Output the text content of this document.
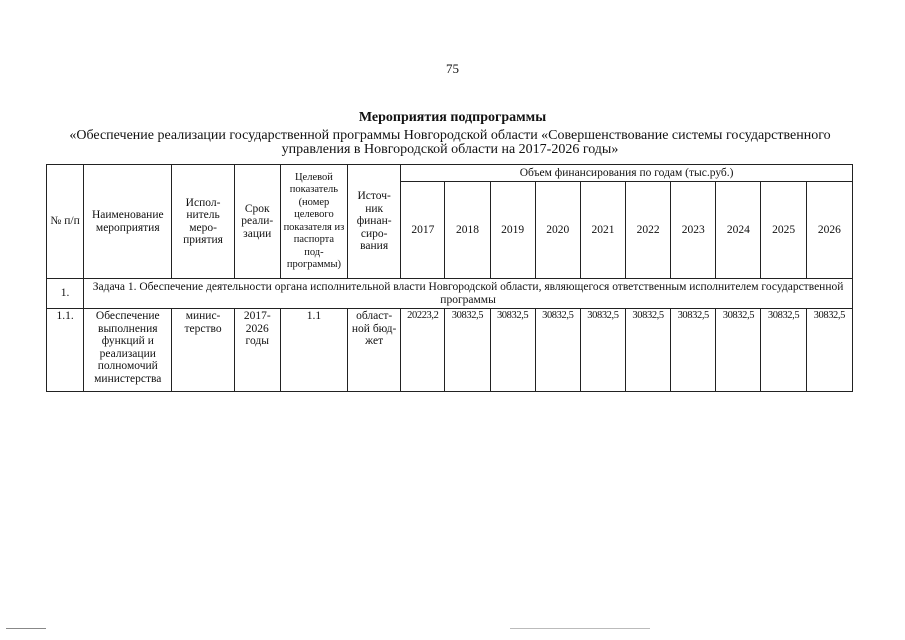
75
Мероприятия подпрограммы
«Обеспечение реализации государственной программы Новгородской области «Совершенствование системы государственного управления в Новгородской области на 2017-2026 годы»
№ п/п	Наименование мероприятия	Испол-нитель меро-приятия	Срок реали-зации	Целевой показатель (номер целевого показателя из паспорта под-программы)	Источ-ник финан-сиро-вания	Объем финансирования по годам (тыс.руб.)									
						2017	2018	2019	2020	2021	2022	2023	2024	2025	2026
1.	Задача 1. Обеспечение деятельности органа исполнительной власти Новгородской области, являющегося ответственным исполнителем государственной программы														
1.1.	Обеспечение выполнения функций и реализации полномочий министерства	минис-терство	2017-2026 годы	1.1	област-ной бюд-жет	20223,2	30832,5	30832,5	30832,5	30832,5	30832,5	30832,5	30832,5	30832,5	30832,5
